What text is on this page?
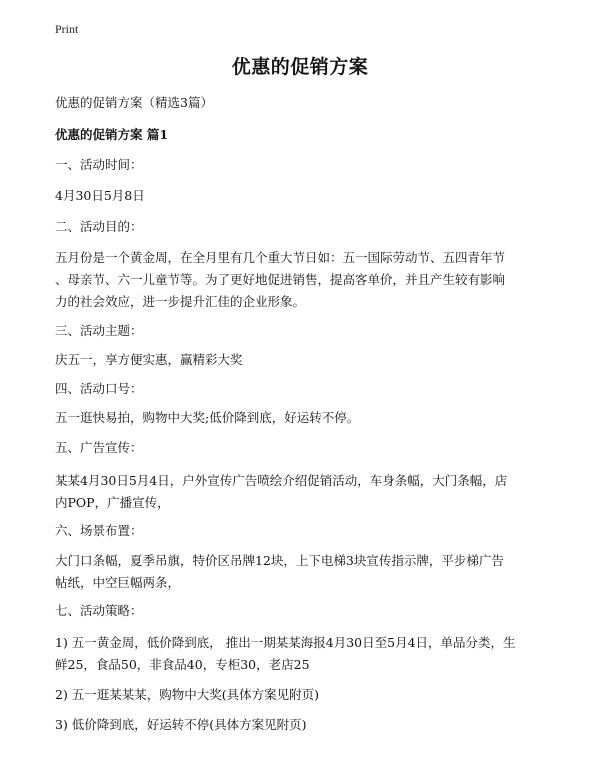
Print
优惠的促销方案
优惠的促销方案（精选3篇）
优惠的促销方案 篇1
一、活动时间：
4月30日5月8日
二、活动目的：
五月份是一个黄金周，在全月里有几个重大节日如：五一国际劳动节、五四青年节
、母亲节、六一儿童节等。为了更好地促进销售，提高客单价，并且产生较有影响
力的社会效应，进一步提升汇佳的企业形象。
三、活动主题：
庆五一，享方便实惠，赢精彩大奖
四、活动口号：
五一逛快易拍，购物中大奖;低价降到底，好运转不停。
五、广告宣传：
某某4月30日5月4日，户外宣传广告喷绘介绍促销活动，车身条幅，大门条幅，店
内POP，广播宣传，
六、场景布置：
大门口条幅，夏季吊旗，特价区吊牌12块，上下电梯3块宣传指示牌，平步梯广告
帖纸，中空巨幅两条，
七、活动策略：
1) 五一黄金周，低价降到底， 推出一期某某海报4月30日至5月4日，单品分类，生
鲜25，食品50，非食品40，专柜30，老店25
2) 五一逛某某某，购物中大奖(具体方案见附页)
3) 低价降到底，好运转不停(具体方案见附页)
